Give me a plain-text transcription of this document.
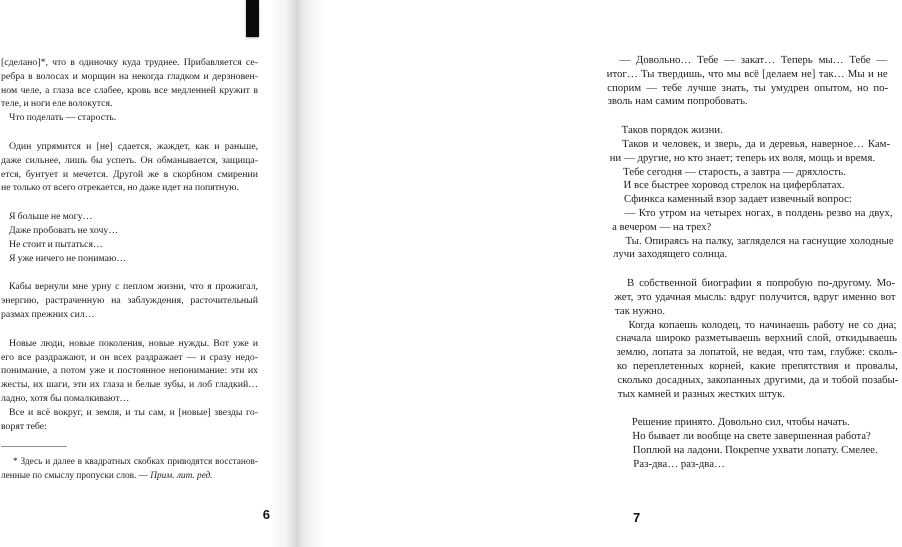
[сделано]*, что в одиночку куда труднее. Прибавляется се-
ребра в волосах и морщин на некогда гладком и дерзновен-
ном челе, а глаза все слабее, кровь все медленней кружит в
теле, и ноги еле волокутся.
Что поделать — старость.
Один упрямится и [не] сдается, жаждет, как и раньше,
даже сильнее, лишь бы успеть. Он обманывается, защища-
ется, бунтует и мечется. Другой же в скорбном смирении
не только от всего отрекается, но даже идет на попятную.
Я больше не могу…
Даже пробовать не хочу…
Не стоит и пытаться…
Я уже ничего не понимаю…
Кабы вернули мне урну с пеплом жизни, что я прожигал,
энергию, растраченную на заблуждения, расточительный
размах прежних сил…
Новые люди, новые поколения, новые нужды. Вот уже и
его все раздражают, и он всех раздражает — и сразу недо-
понимание, а потом уже и постоянное непонимание: эти их
жесты, их шаги, эти их глаза и белые зубы, и лоб гладкий…
ладно, хотя бы помалкивают…
Все и всё вокруг, и земля, и ты сам, и [новые] звезды го-
ворят тебе:
* Здесь и далее в квадратных скобках приводятся восстанов-
ленные по смыслу пропуски слов. — Прим. лит. ред.
6
— Довольно… Тебе — закат… Теперь мы… Тебе —
итог… Ты твердишь, что мы всё [делаем не] так… Мы и не
спорим — тебе лучше знать, ты умудрен опытом, но по-
зволь нам самим попробовать.
Таков порядок жизни.
Таков и человек, и зверь, да и деревья, наверное… Кам-
ни — другие, но кто знает; теперь их воля, мощь и время.
Тебе сегодня — старость, а завтра — дряхлость.
И все быстрее хоровод стрелок на циферблатах.
Сфинкса каменный взор задает извечный вопрос:
— Кто утром на четырех ногах, в полдень резво на двух,
а вечером — на трех?
Ты. Опираясь на палку, загляделся на гаснущие холодные
лучи заходящего солнца.
В собственной биографии я попробую по-другому. Мо-
жет, это удачная мысль: вдруг получится, вдруг именно вот
так нужно.
Когда копаешь колодец, то начинаешь работу не со дна;
сначала широко разметываешь верхний слой, откидываешь
землю, лопата за лопатой, не ведая, что там, глубже: сколь-
ко переплетенных корней, какие препятствия и провалы,
сколько досадных, закопанных другими, да и тобой позабы-
тых камней и разных жестких штук.
Решение принято. Довольно сил, чтобы начать.
Но бывает ли вообще на свете завершенная работа?
Поплюй на ладони. Покрепче ухвати лопату. Смелее.
Раз-два… раз-два…
7
